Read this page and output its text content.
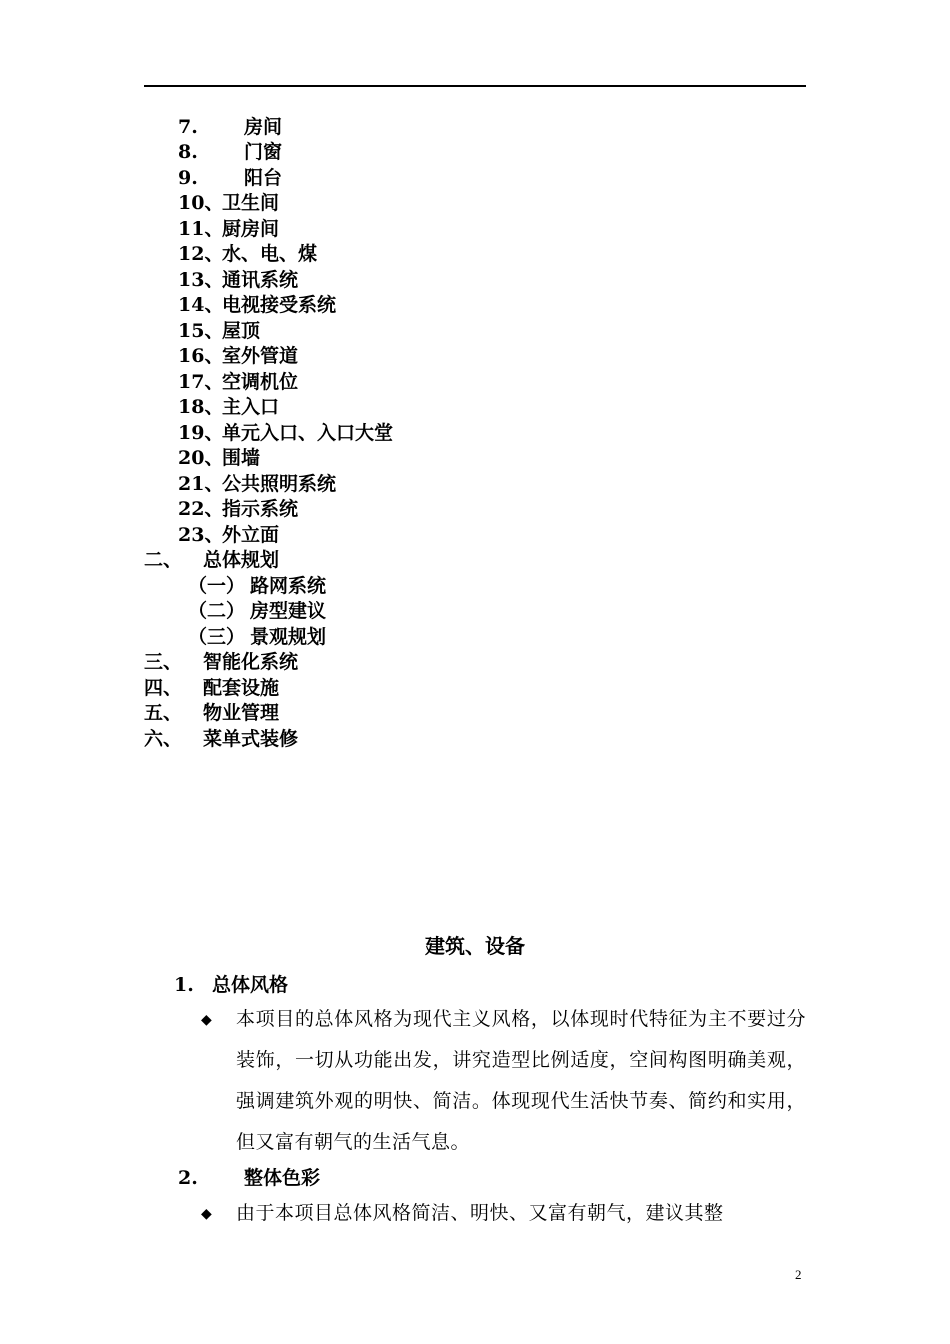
7. 房间
8. 门窗
9. 阳台
10、卫生间
11、厨房间
12、水、电、煤
13、通讯系统
14、电视接受系统
15、屋顶
16、室外管道
17、空调机位
18、主入口
19、单元入口、入口大堂
20、围墙
21、公共照明系统
22、指示系统
23、外立面
二、 总体规划
（一） 路网系统
（二） 房型建议
（三） 景观规划
三、 智能化系统
四、 配套设施
五、 物业管理
六、 菜单式装修
建筑、设备
1. 总体风格
◆ 本项目的总体风格为现代主义风格，以体现时代特征为主不要过分装饰，一切从功能出发，讲究造型比例适度，空间构图明确美观，强调建筑外观的明快、简洁。体现现代生活快节奏、简约和实用，但又富有朝气的生活气息。
2. 整体色彩
◆ 由于本项目总体风格简洁、明快、又富有朝气，建议其整
2
